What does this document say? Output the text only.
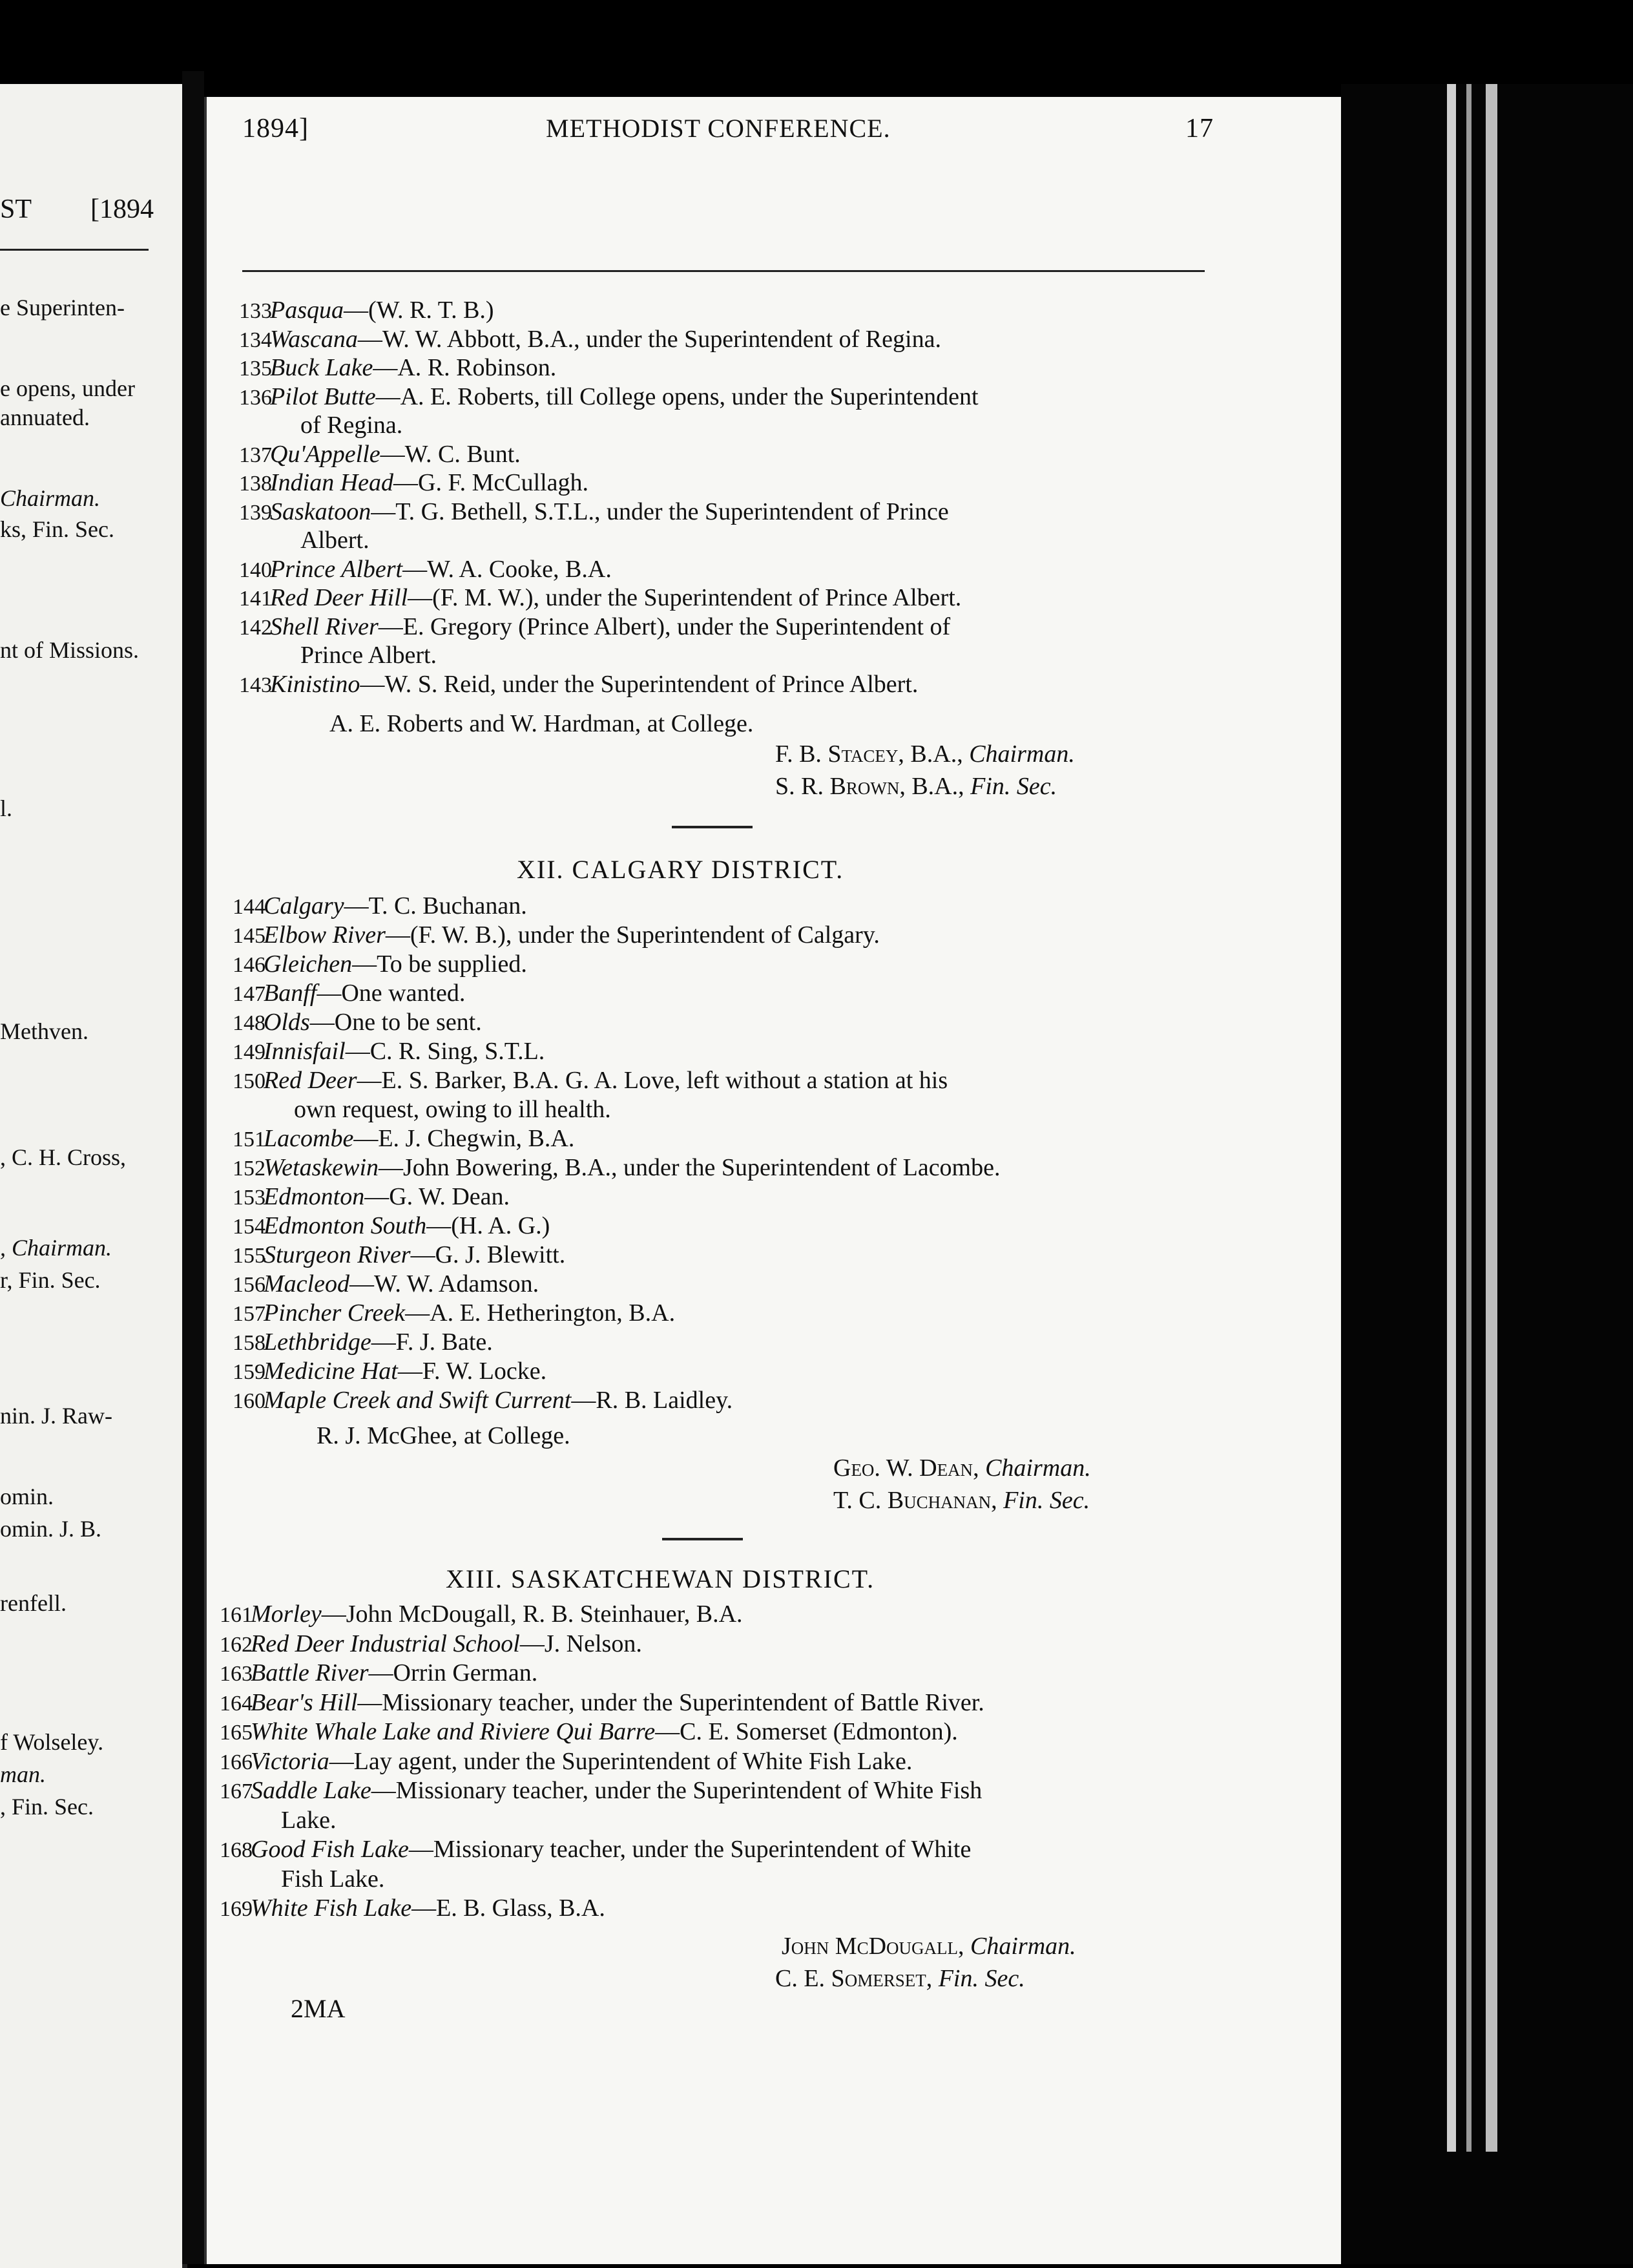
ST [1894
e Superinten-
e opens, under
annuated.
Chairman.
ks, Fin. Sec.
nt of Missions.
l.
Methven.
, C. H. Cross,
, Chairman.
r, Fin. Sec.
nin. J. Raw-
omin.
omin. J. B.
renfell.
f Wolseley.
man.
, Fin. Sec.
1894]	METHODIST CONFERENCE.	17
133Pasqua—(W. R. T. B.)
134Wascana—W. W. Abbott, B.A., under the Superintendent of Regina.
135Buck Lake—A. R. Robinson.
136Pilot Butte—A. E. Roberts, till College opens, under the Superintendent
of Regina.
137Qu'Appelle—W. C. Bunt.
138Indian Head—G. F. McCullagh.
139Saskatoon—T. G. Bethell, S.T.L., under the Superintendent of Prince
Albert.
140Prince Albert—W. A. Cooke, B.A.
141Red Deer Hill—(F. M. W.), under the Superintendent of Prince Albert.
142Shell River—E. Gregory (Prince Albert), under the Superintendent of
Prince Albert.
143Kinistino—W. S. Reid, under the Superintendent of Prince Albert.
A. E. Roberts and W. Hardman, at College.
F. B. Stacey, B.A., Chairman.
S. R. Brown, B.A., Fin. Sec.
XII. CALGARY DISTRICT.
144Calgary—T. C. Buchanan.
145Elbow River—(F. W. B.), under the Superintendent of Calgary.
146Gleichen—To be supplied.
147Banff—One wanted.
148Olds—One to be sent.
149Innisfail—C. R. Sing, S.T.L.
150Red Deer—E. S. Barker, B.A. G. A. Love, left without a station at his
own request, owing to ill health.
151Lacombe—E. J. Chegwin, B.A.
152Wetaskewin—John Bowering, B.A., under the Superintendent of Lacombe.
153Edmonton—G. W. Dean.
154Edmonton South—(H. A. G.)
155Sturgeon River—G. J. Blewitt.
156Macleod—W. W. Adamson.
157Pincher Creek—A. E. Hetherington, B.A.
158Lethbridge—F. J. Bate.
159Medicine Hat—F. W. Locke.
160Maple Creek and Swift Current—R. B. Laidley.
R. J. McGhee, at College.
Geo. W. Dean, Chairman.
T. C. Buchanan, Fin. Sec.
XIII. SASKATCHEWAN DISTRICT.
161Morley—John McDougall, R. B. Steinhauer, B.A.
162Red Deer Industrial School—J. Nelson.
163Battle River—Orrin German.
164Bear's Hill—Missionary teacher, under the Superintendent of Battle River.
165White Whale Lake and Riviere Qui Barre—C. E. Somerset (Edmonton).
166Victoria—Lay agent, under the Superintendent of White Fish Lake.
167Saddle Lake—Missionary teacher, under the Superintendent of White Fish
Lake.
168Good Fish Lake—Missionary teacher, under the Superintendent of White
Fish Lake.
169White Fish Lake—E. B. Glass, B.A.
John McDougall, Chairman.
C. E. Somerset, Fin. Sec.
2MA
